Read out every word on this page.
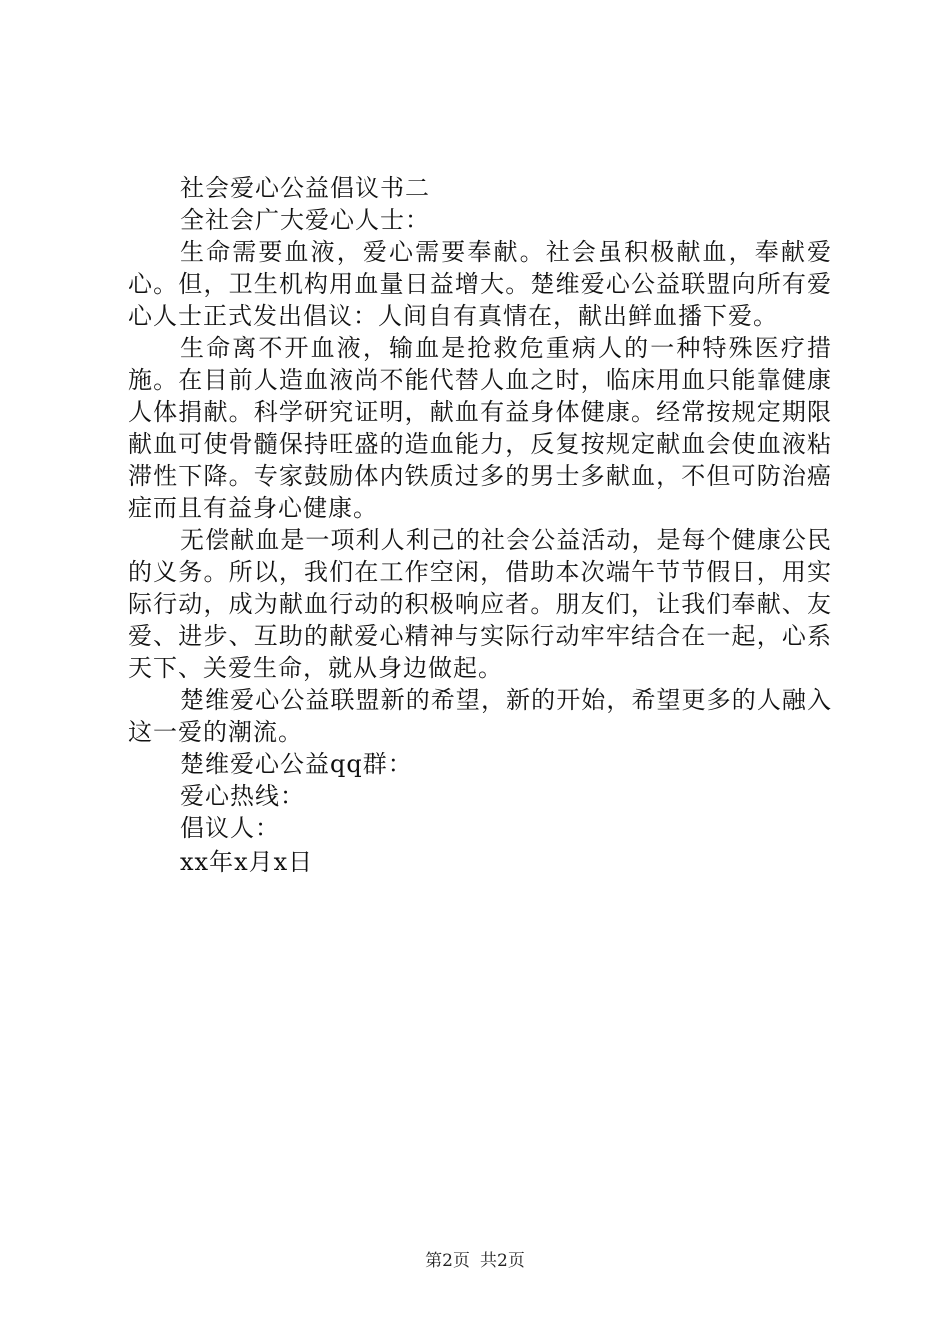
社会爱心公益倡议书二

全社会广大爱心人士：

生命需要血液，爱心需要奉献。社会虽积极献血，奉献爱心。但，卫生机构用血量日益增大。楚维爱心公益联盟向所有爱心人士正式发出倡议：人间自有真情在，献出鲜血播下爱。

生命离不开血液，输血是抢救危重病人的一种特殊医疗措施。在目前人造血液尚不能代替人血之时，临床用血只能靠健康人体捐献。科学研究证明，献血有益身体健康。经常按规定期限献血可使骨髓保持旺盛的造血能力，反复按规定献血会使血液粘滞性下降。专家鼓励体内铁质过多的男士多献血，不但可防治癌症而且有益身心健康。

无偿献血是一项利人利己的社会公益活动，是每个健康公民的义务。所以，我们在工作空闲，借助本次端午节节假日，用实际行动，成为献血行动的积极响应者。朋友们，让我们奉献、友爱、进步、互助的献爱心精神与实际行动牢牢结合在一起，心系天下、关爱生命，就从身边做起。

楚维爱心公益联盟新的希望，新的开始，希望更多的人融入这一爱的潮流。

楚维爱心公益qq群：

爱心热线：

倡议人：

xx年x月x日

第2页 共2页
